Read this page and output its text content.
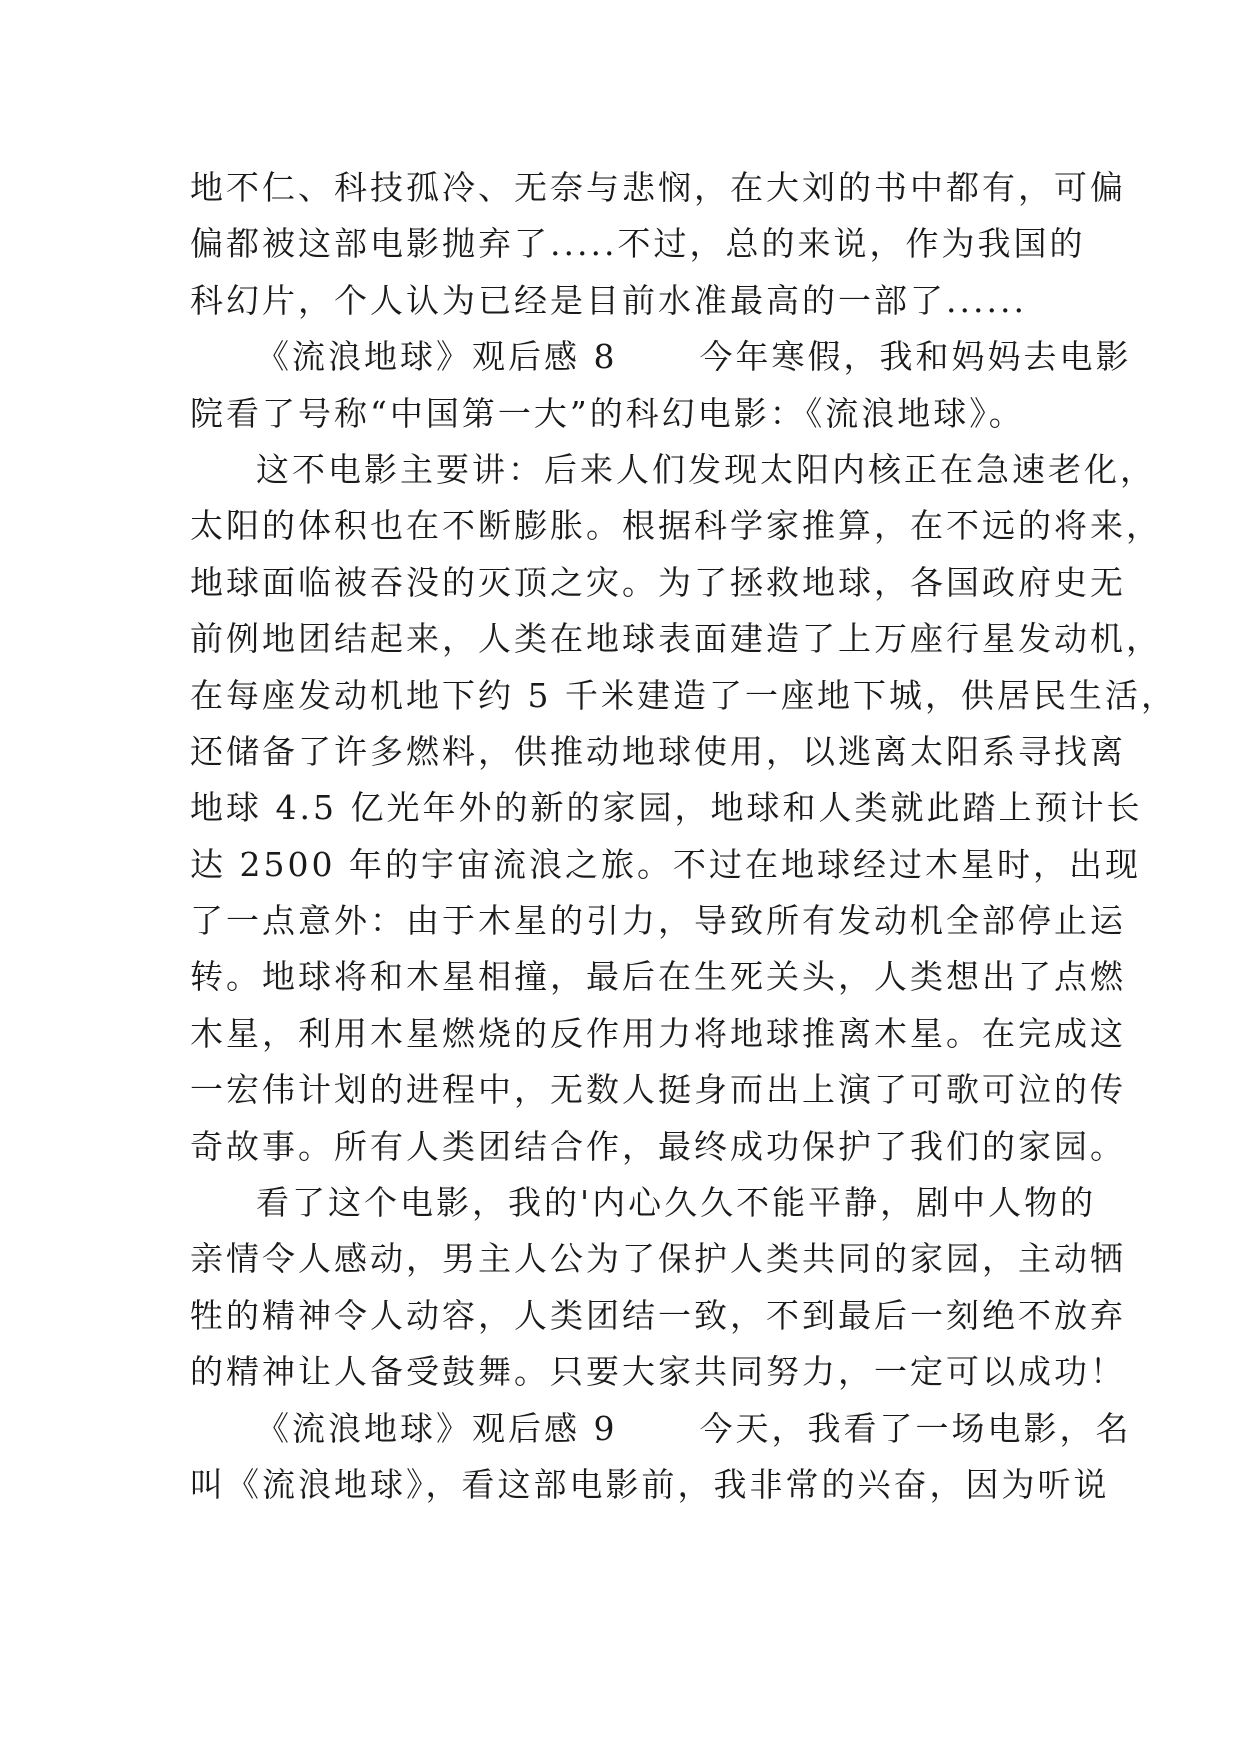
地不仁、科技孤冷、无奈与悲悯，在大刘的书中都有，可偏
偏都被这部电影抛弃了.....不过，总的来说，作为我国的
科幻片，个人认为已经是目前水准最高的一部了......
《流浪地球》观后感 8 今年寒假，我和妈妈去电影
院看了号称“中国第一大”的科幻电影：《流浪地球》。
这不电影主要讲：后来人们发现太阳内核正在急速老化，
太阳的体积也在不断膨胀。根据科学家推算，在不远的将来，
地球面临被吞没的灭顶之灾。为了拯救地球，各国政府史无
前例地团结起来，人类在地球表面建造了上万座行星发动机，
在每座发动机地下约 5 千米建造了一座地下城，供居民生活，
还储备了许多燃料，供推动地球使用，以逃离太阳系寻找离
地球 4.5 亿光年外的新的家园，地球和人类就此踏上预计长
达 2500 年的宇宙流浪之旅。不过在地球经过木星时，出现
了一点意外：由于木星的引力，导致所有发动机全部停止运
转。地球将和木星相撞，最后在生死关头，人类想出了点燃
木星，利用木星燃烧的反作用力将地球推离木星。在完成这
一宏伟计划的进程中，无数人挺身而出上演了可歌可泣的传
奇故事。所有人类团结合作，最终成功保护了我们的家园。
看了这个电影，我的'内心久久不能平静，剧中人物的
亲情令人感动，男主人公为了保护人类共同的家园，主动牺
牲的精神令人动容，人类团结一致，不到最后一刻绝不放弃
的精神让人备受鼓舞。只要大家共同努力，一定可以成功！
《流浪地球》观后感 9 今天，我看了一场电影，名
叫《流浪地球》，看这部电影前，我非常的兴奋，因为听说
